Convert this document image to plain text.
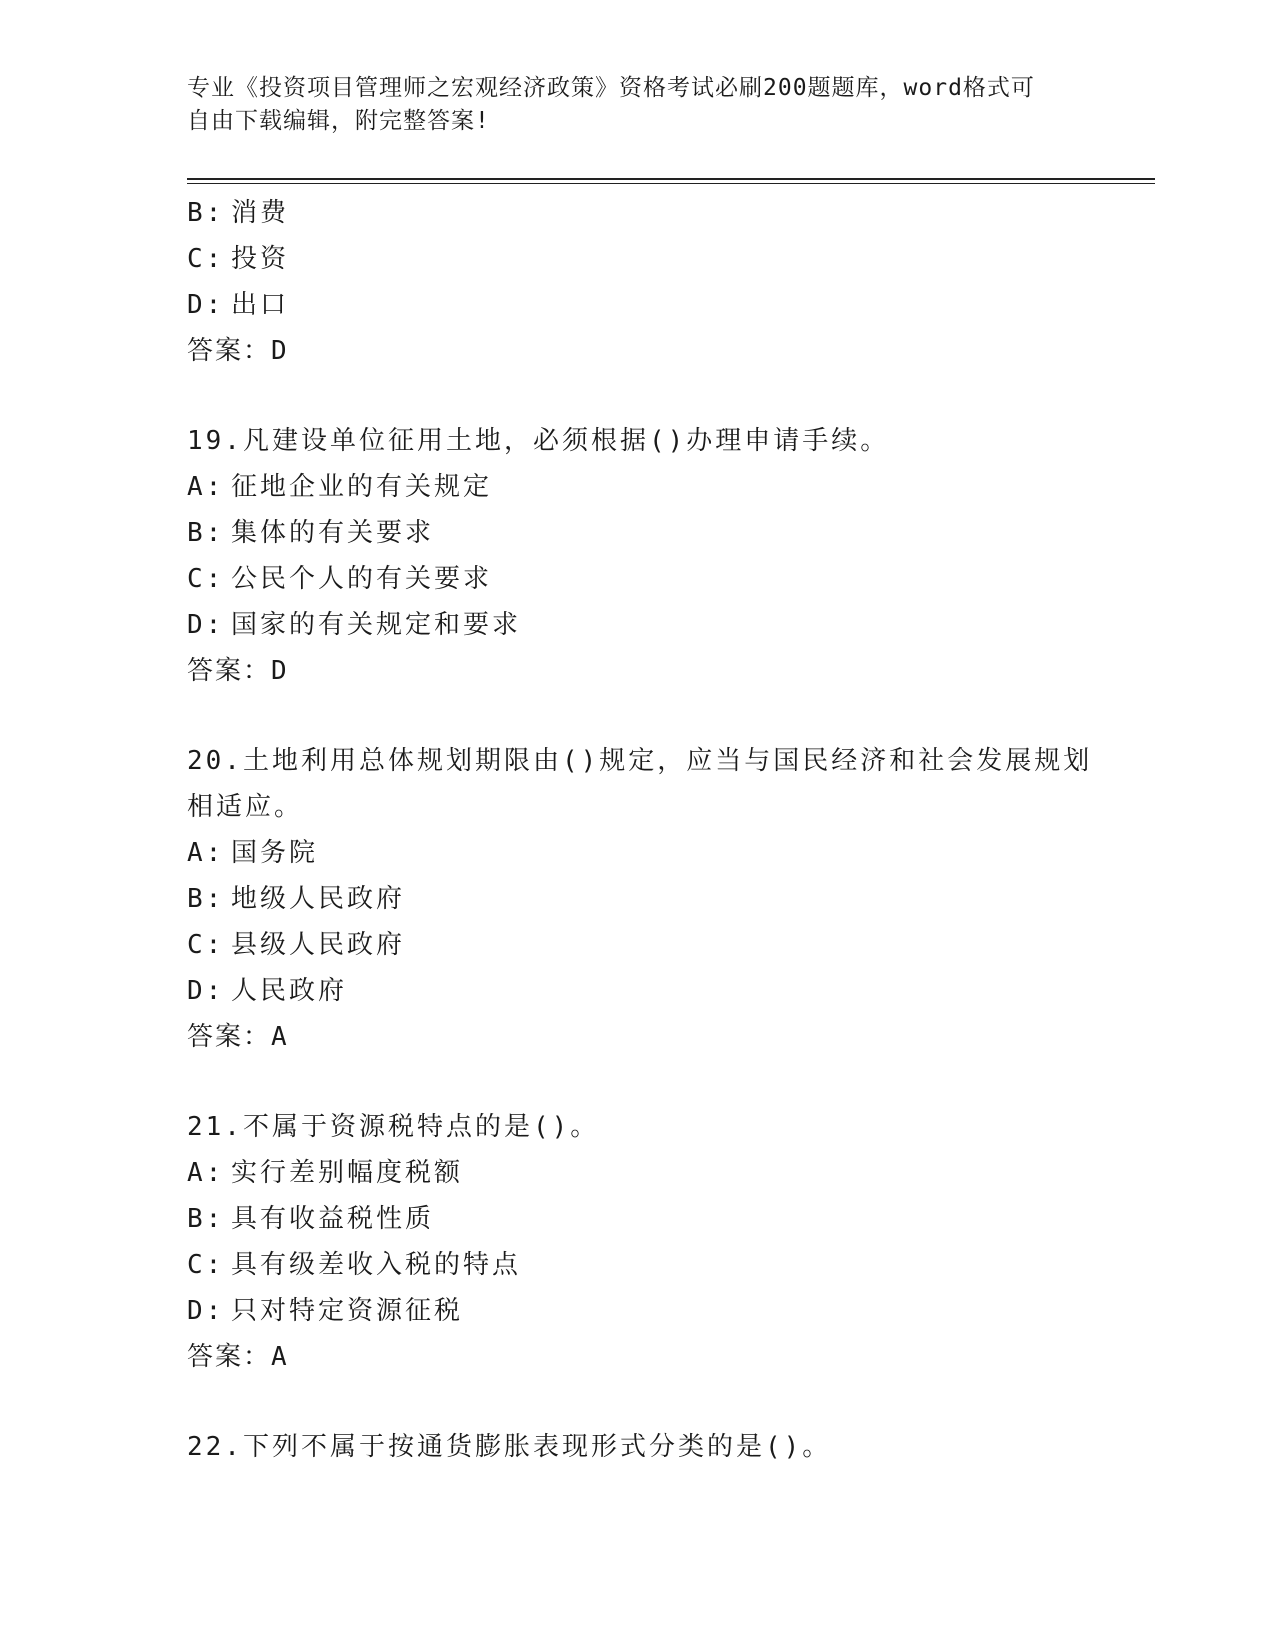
专业《投资项目管理师之宏观经济政策》资格考试必刷200题题库，word格式可
自由下载编辑，附完整答案!
B: 消费
C: 投资
D: 出口
答案： D
19.凡建设单位征用土地，必须根据()办理申请手续。
A: 征地企业的有关规定
B: 集体的有关要求
C: 公民个人的有关要求
D: 国家的有关规定和要求
答案： D
20.土地利用总体规划期限由()规定，应当与国民经济和社会发展规划
相适应。
A: 国务院
B: 地级人民政府
C: 县级人民政府
D: 人民政府
答案： A
21.不属于资源税特点的是()。
A: 实行差别幅度税额
B: 具有收益税性质
C: 具有级差收入税的特点
D: 只对特定资源征税
答案： A
22.下列不属于按通货膨胀表现形式分类的是()。
